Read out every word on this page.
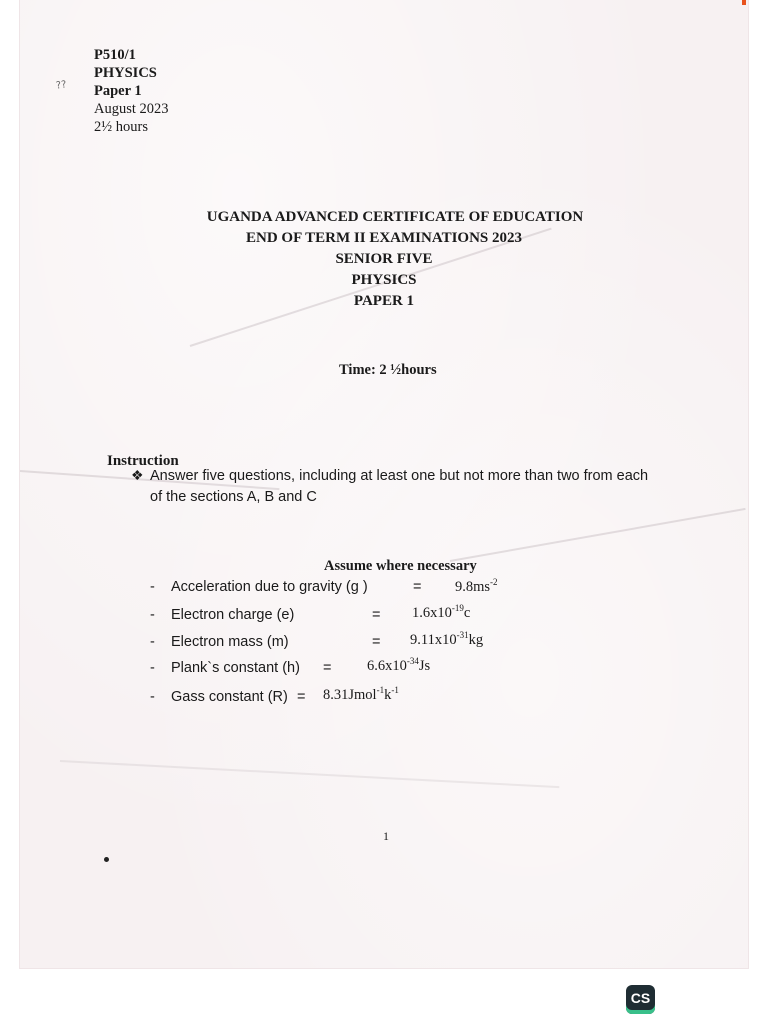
??
P510/1
PHYSICS
Paper 1
August 2023
2½ hours
UGANDA ADVANCED CERTIFICATE OF EDUCATION
END OF TERM II EXAMINATIONS 2023
SENIOR FIVE
PHYSICS
PAPER 1
Time: 2 ½hours
Instruction
❖ Answer five questions, including at least one but not more than two from each of the sections A, B and C
Assume where necessary
- Acceleration due to gravity (g )	= $9.8ms^{-2}$
- Electron charge (e)	= $1.6x10^{-19}c$
- Electron mass (m)	= $9.11x10^{-31}kg$
- Plank`s constant $(h) = 6.6x10^{-34}Js$
- Gass constant $(R) = 8.31Jmol^{-1}k^{-1}$
1
CS
